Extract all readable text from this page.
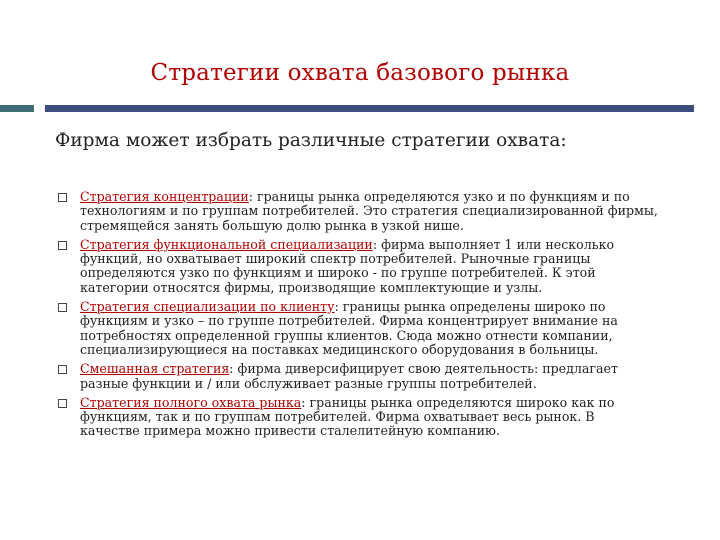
Стратегии охвата базового рынка
Фирма может избрать различные стратегии охвата:
Стратегия концентрации: границы рынка определяются узко и по функциям и по технологиям и по группам потребителей. Это стратегия специализированной фирмы, стремящейся занять большую долю рынка в узкой нише.
Стратегия функциональной специализации: фирма выполняет 1 или несколько функций, но охватывает широкий спектр потребителей. Рыночные границы определяются узко по функциям и широко - по группе потребителей. К этой категории относятся фирмы, производящие комплектующие и узлы.
Стратегия специализации по клиенту: границы рынка определены широко по функциям и узко – по группе потребителей. Фирма концентрирует внимание на потребностях определенной группы клиентов. Сюда можно отнести компании, специализирующиеся на поставках медицинского оборудования в больницы.
Смешанная стратегия: фирма диверсифицирует свою деятельность: предлагает разные функции и / или обслуживает разные группы потребителей.
Стратегия полного охвата рынка: границы рынка определяются широко как по функциям, так и по группам потребителей. Фирма охватывает весь рынок. В качестве примера можно привести сталелитейную компанию.
